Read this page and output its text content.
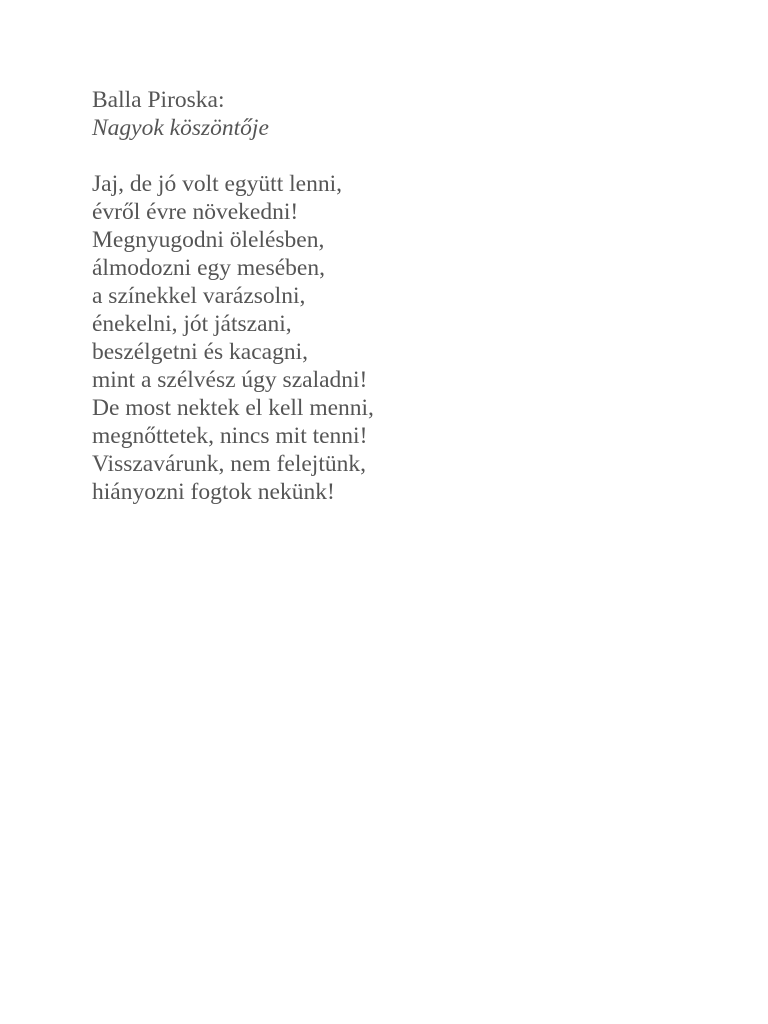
Balla Piroska:
Nagyok köszöntője
Jaj, de jó volt együtt lenni,
évről évre növekedni!
Megnyugodni ölelésben,
álmodozni egy mesében,
a színekkel varázsolni,
énekelni, jót játszani,
beszélgetni és kacagni,
mint a szélvész úgy szaladni!
De most nektek el kell menni,
megnőttetek, nincs mit tenni!
Visszavárunk, nem felejtünk,
hiányozni fogtok nekünk!
